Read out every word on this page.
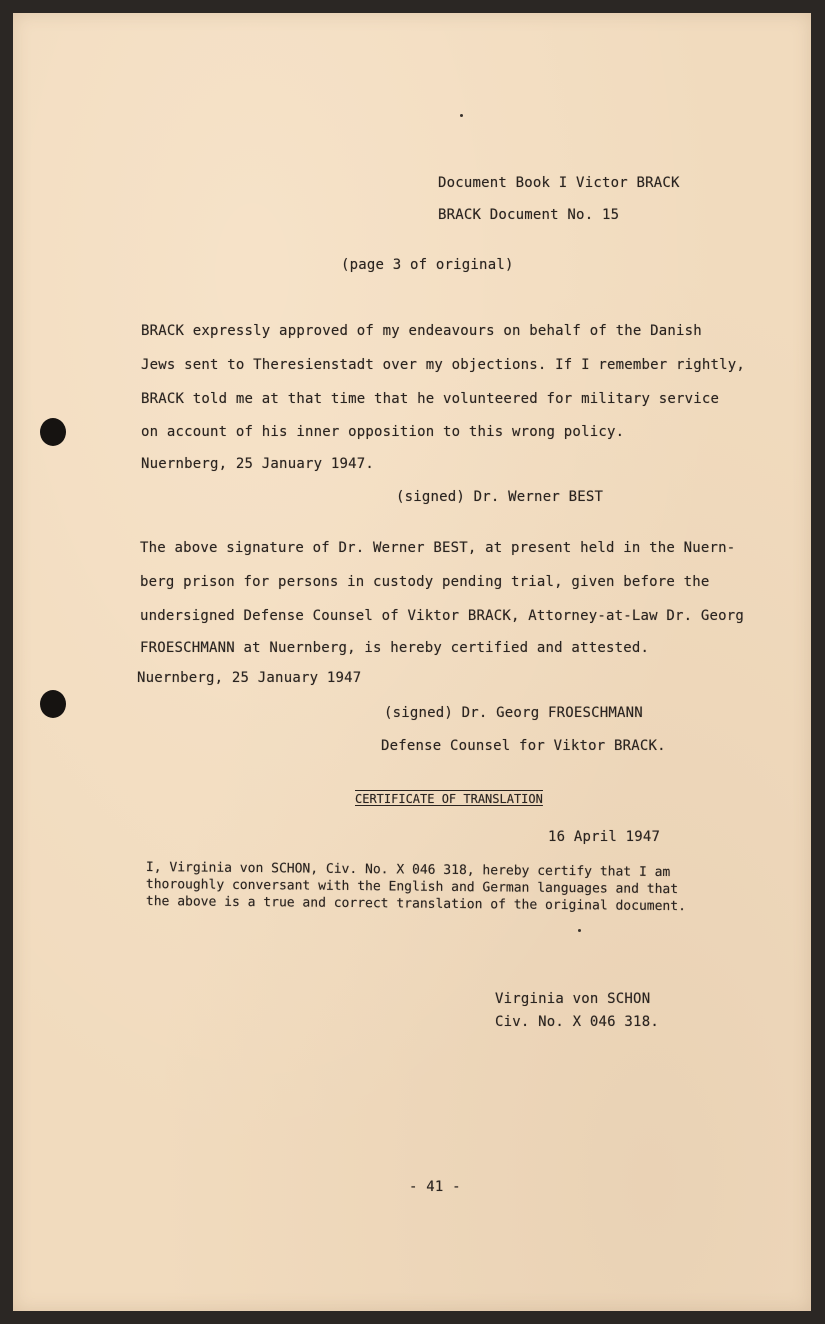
Document Book I Victor BRACK

BRACK Document No. 15

(page 3 of original)

BRACK expressly approved of my endeavours on behalf of the Danish

Jews sent to Theresienstadt over my objections. If I remember rightly,

BRACK told me at that time that he volunteered for military service

on account of his inner opposition to this wrong policy.

Nuernberg, 25 January 1947.

(signed) Dr. Werner BEST

The above signature of Dr. Werner BEST, at present held in the Nuern-

berg prison for persons in custody pending trial, given before the

undersigned Defense Counsel of Viktor BRACK, Attorney-at-Law Dr. Georg

FROESCHMANN at Nuernberg, is hereby certified and attested.

Nuernberg, 25 January 1947

(signed) Dr. Georg FROESCHMANN

Defense Counsel for Viktor BRACK.

CERTIFICATE OF TRANSLATION

16 April 1947

I, Virginia von SCHON, Civ. No. X 046 318, hereby certify that I am

thoroughly conversant with the English and German languages and that

the above is a true and correct translation of the original document.

Virginia von SCHON

Civ. No. X 046 318.

- 41 -
